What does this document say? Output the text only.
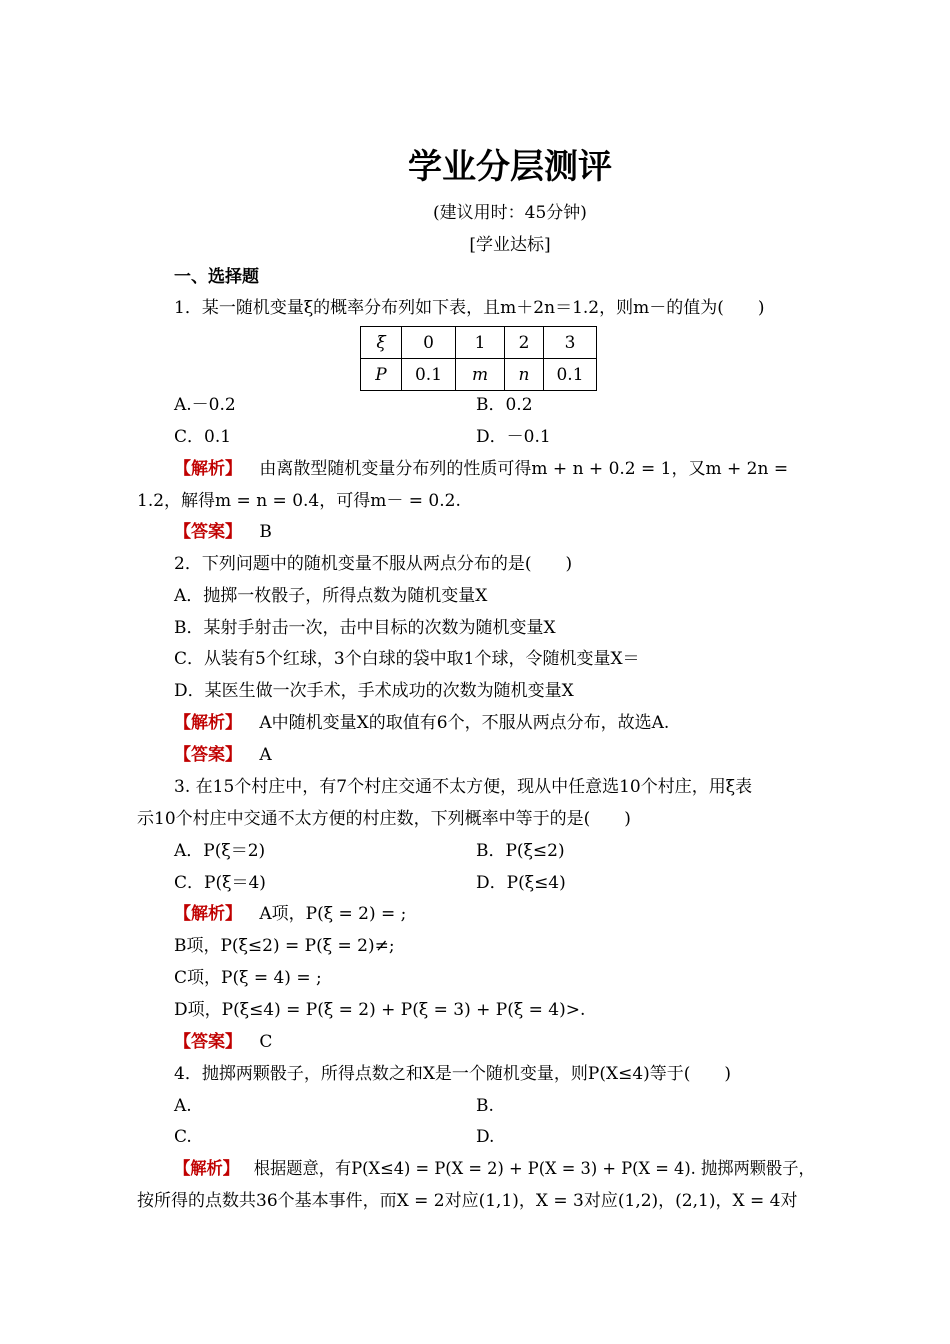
学业分层测评
(建议用时：45分钟)
[学业达标]
一、选择题
1．某一随机变量ξ的概率分布列如下表，且m＋2n＝1.2，则m－的值为(　　)
ξ	0	1	2	3
P	0.1	m	n	0.1
A.－0.2	B．0.2
C．0.1	D．－0.1
【解析】 由离散型随机变量分布列的性质可得m + n + 0.2 = 1，又m + 2n =
1.2，解得m = n = 0.4，可得m－ = 0.2.
【答案】 B
2．下列问题中的随机变量不服从两点分布的是(　　)
A．抛掷一枚骰子，所得点数为随机变量X
B．某射手射击一次，击中目标的次数为随机变量X
C．从装有5个红球，3个白球的袋中取1个球，令随机变量X＝
D．某医生做一次手术，手术成功的次数为随机变量X
【解析】 A中随机变量X的取值有6个，不服从两点分布，故选A.
【答案】 A
3. 在15个村庄中，有7个村庄交通不太方便，现从中任意选10个村庄，用ξ表
示10个村庄中交通不太方便的村庄数，下列概率中等于的是(　　)
A．P(ξ＝2)	B．P(ξ≤2)
C．P(ξ＝4)	D．P(ξ≤4)
【解析】 A项，P(ξ = 2) = ;
B项，P(ξ≤2) = P(ξ = 2)≠;
C项，P(ξ = 4) = ;
D项，P(ξ≤4) = P(ξ = 2) + P(ξ = 3) + P(ξ = 4)>.
【答案】 C
4．抛掷两颗骰子，所得点数之和X是一个随机变量，则P(X≤4)等于(　　)
A.	B.
C.	D.
【解析】 根据题意，有P(X≤4) = P(X = 2) + P(X = 3) + P(X = 4). 抛掷两颗骰子，
按所得的点数共36个基本事件，而X = 2对应(1,1)，X = 3对应(1,2)，(2,1)，X = 4对
